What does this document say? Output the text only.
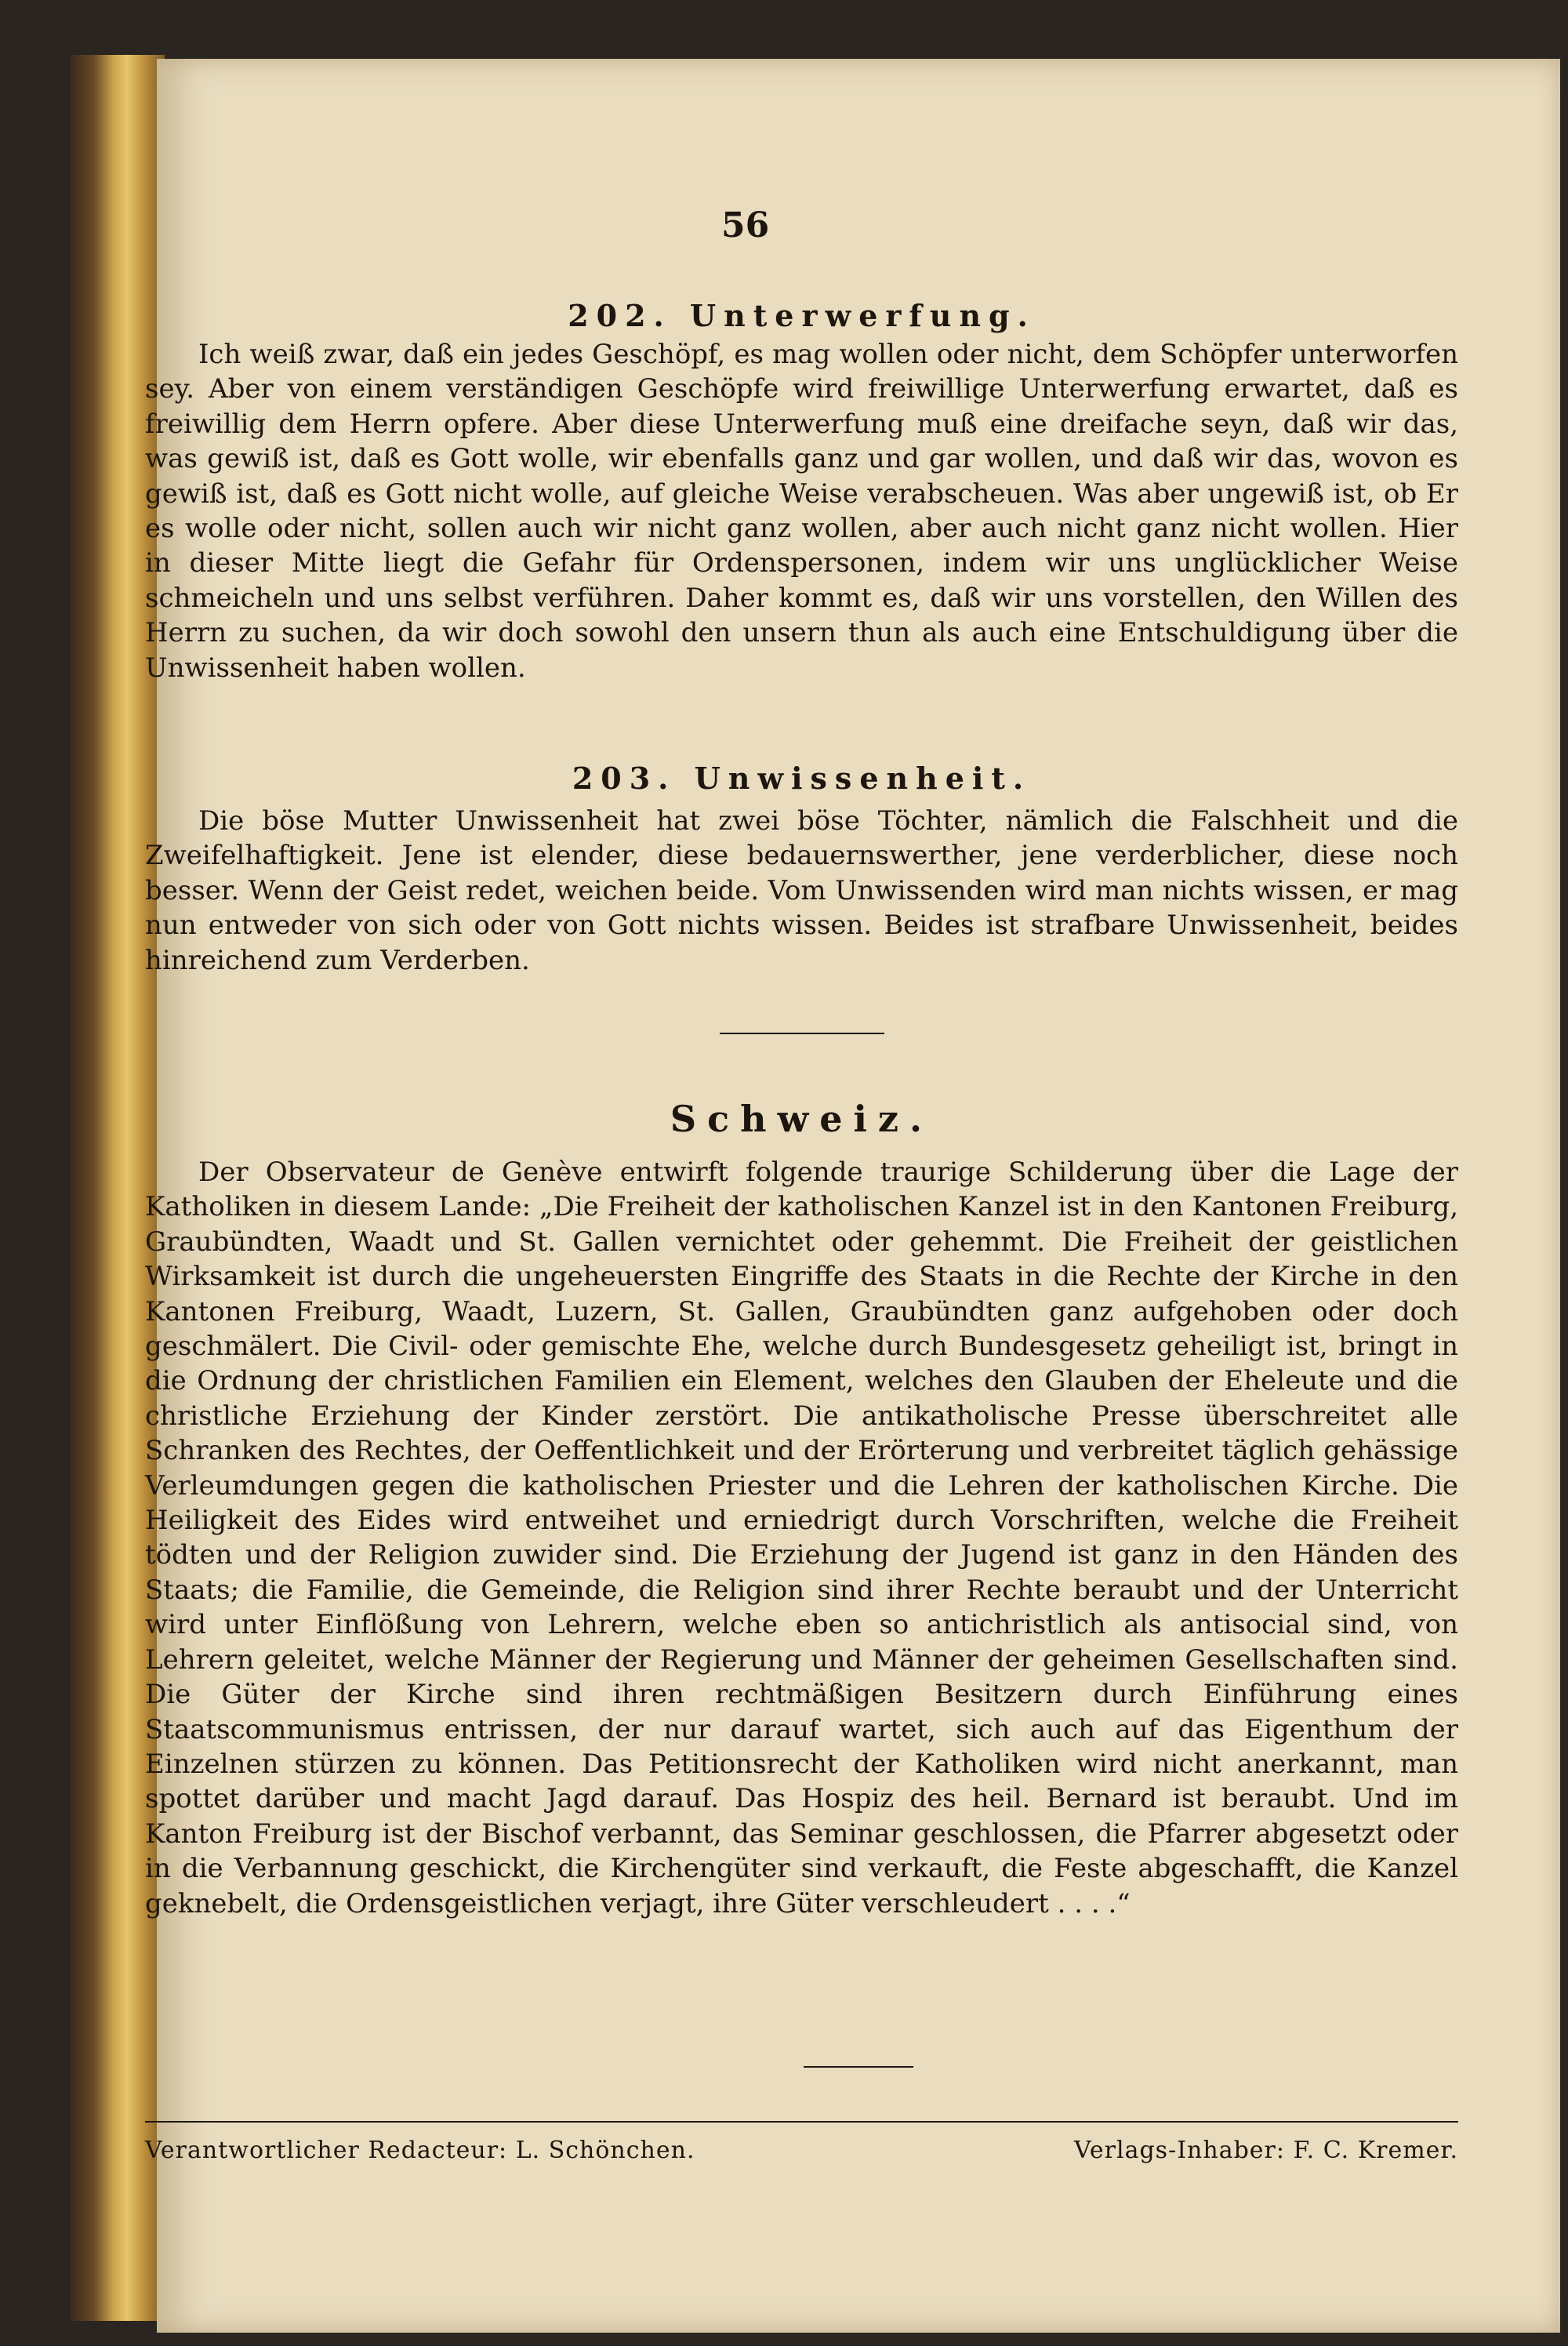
56
202. Unterwerfung.

Ich weiß zwar, daß ein jedes Geschöpf, es mag wollen oder nicht, dem Schöpfer unterworfen sey. Aber von einem verständigen Geschöpfe wird freiwillige Unterwerfung erwartet, daß es freiwillig dem Herrn opfere. Aber diese Unterwerfung muß eine dreifache seyn, daß wir das, was gewiß ist, daß es Gott wolle, wir ebenfalls ganz und gar wollen, und daß wir das, wovon es gewiß ist, daß es Gott nicht wolle, auf gleiche Weise verabscheuen. Was aber ungewiß ist, ob Er es wolle oder nicht, sollen auch wir nicht ganz wollen, aber auch nicht ganz nicht wollen. Hier in dieser Mitte liegt die Gefahr für Ordenspersonen, indem wir uns unglücklicher Weise schmeicheln und uns selbst verführen. Daher kommt es, daß wir uns vorstellen, den Willen des Herrn zu suchen, da wir doch sowohl den unsern thun als auch eine Entschuldigung über die Unwissenheit haben wollen.

203. Unwissenheit.

Die böse Mutter Unwissenheit hat zwei böse Töchter, nämlich die Falschheit und die Zweifelhaftigkeit. Jene ist elender, diese bedauernswerther, jene verderblicher, diese noch besser. Wenn der Geist redet, weichen beide. Vom Unwissenden wird man nichts wissen, er mag nun entweder von sich oder von Gott nichts wissen. Beides ist strafbare Unwissenheit, beides hinreichend zum Verderben.

Schweiz.

Der Observateur de Genève entwirft folgende traurige Schilderung über die Lage der Katholiken in diesem Lande: „Die Freiheit der katholischen Kanzel ist in den Kantonen Freiburg, Graubündten, Waadt und St. Gallen vernichtet oder gehemmt. Die Freiheit der geistlichen Wirksamkeit ist durch die ungeheuersten Eingriffe des Staats in die Rechte der Kirche in den Kantonen Freiburg, Waadt, Luzern, St. Gallen, Graubündten ganz aufgehoben oder doch geschmälert. Die Civil- oder gemischte Ehe, welche durch Bundesgesetz geheiligt ist, bringt in die Ordnung der christlichen Familien ein Element, welches den Glauben der Eheleute und die christliche Erziehung der Kinder zerstört. Die antikatholische Presse überschreitet alle Schranken des Rechtes, der Oeffentlichkeit und der Erörterung und verbreitet täglich gehässige Verleumdungen gegen die katholischen Priester und die Lehren der katholischen Kirche. Die Heiligkeit des Eides wird entweihet und erniedrigt durch Vorschriften, welche die Freiheit tödten und der Religion zuwider sind. Die Erziehung der Jugend ist ganz in den Händen des Staats; die Familie, die Gemeinde, die Religion sind ihrer Rechte beraubt und der Unterricht wird unter Einflößung von Lehrern, welche eben so antichristlich als antisocial sind, von Lehrern geleitet, welche Männer der Regierung und Männer der geheimen Gesellschaften sind. Die Güter der Kirche sind ihren rechtmäßigen Besitzern durch Einführung eines Staatscommunismus entrissen, der nur darauf wartet, sich auch auf das Eigenthum der Einzelnen stürzen zu können. Das Petitionsrecht der Katholiken wird nicht anerkannt, man spottet darüber und macht Jagd darauf. Das Hospiz des heil. Bernard ist beraubt. Und im Kanton Freiburg ist der Bischof verbannt, das Seminar geschlossen, die Pfarrer abgesetzt oder in die Verbannung geschickt, die Kirchengüter sind verkauft, die Feste abgeschafft, die Kanzel geknebelt, die Ordensgeistlichen verjagt, ihre Güter verschleudert . . . .“

Verantwortlicher Redacteur: L. Schönchen.	Verlags-Inhaber: F. C. Kremer.
